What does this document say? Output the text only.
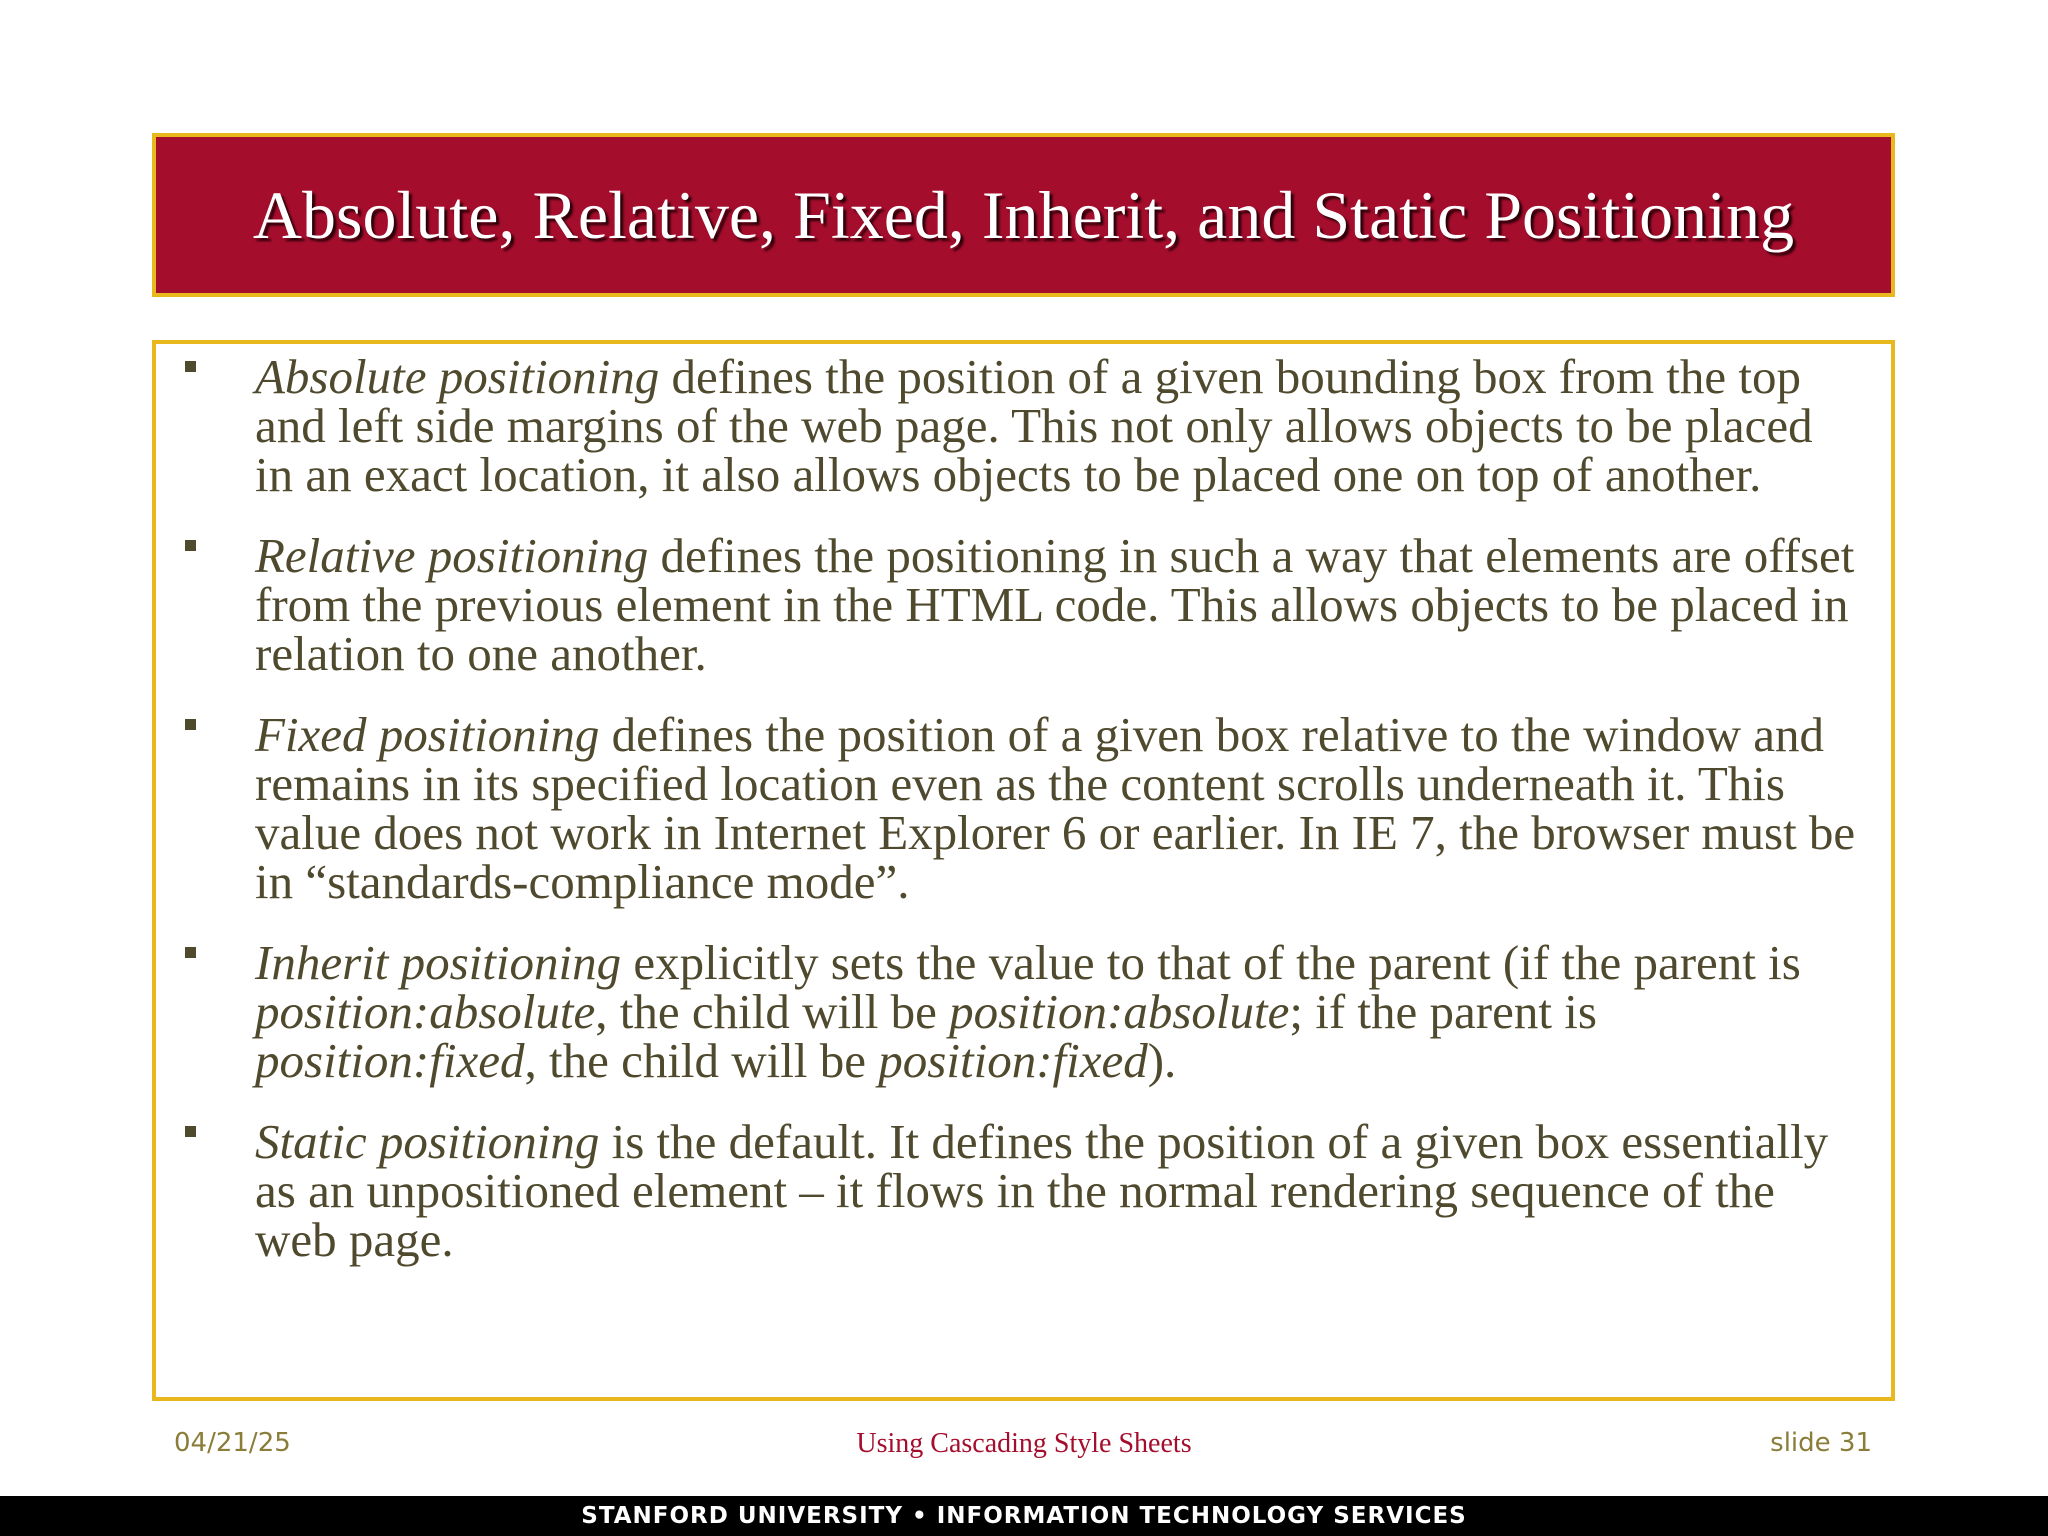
Absolute, Relative, Fixed, Inherit, and Static Positioning
Absolute positioning defines the position of a given bounding box from the top and left side margins of the web page. This not only allows objects to be placed in an exact location, it also allows objects to be placed one on top of another.
Relative positioning defines the positioning in such a way that elements are offset from the previous element in the HTML code. This allows objects to be placed in relation to one another.
Fixed positioning defines the position of a given box relative to the window and remains in its specified location even as the content scrolls underneath it. This value does not work in Internet Explorer 6 or earlier. In IE 7, the browser must be in “standards-compliance mode”.
Inherit positioning explicitly sets the value to that of the parent (if the parent is position:absolute, the child will be position:absolute; if the parent is position:fixed, the child will be position:fixed).
Static positioning is the default. It defines the position of a given box essentially as an unpositioned element – it flows in the normal rendering sequence of the web page.
04/21/25	Using Cascading Style Sheets	slide 31
STANFORD UNIVERSITY • INFORMATION TECHNOLOGY SERVICES
